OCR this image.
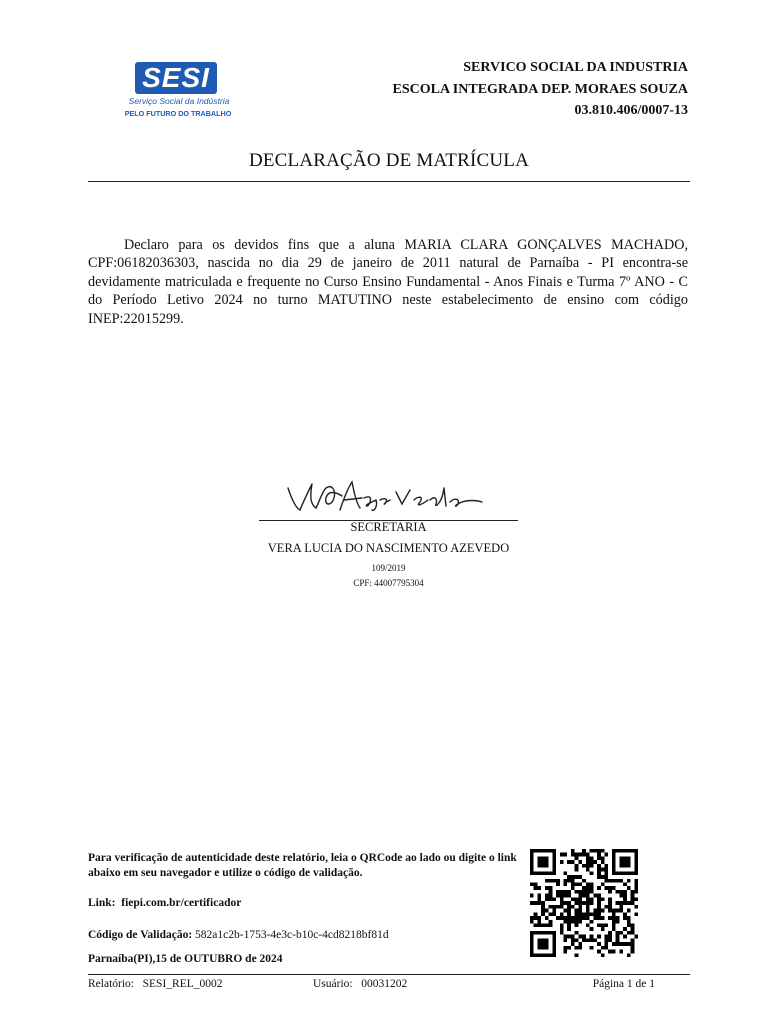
SESI
Serviço Social da Indústria
PELO FUTURO DO TRABALHO
SERVICO SOCIAL DA INDUSTRIA
ESCOLA INTEGRADA DEP. MORAES SOUZA
03.810.406/0007-13
DECLARAÇÃO DE MATRÍCULA
Declaro para os devidos fins que a aluna MARIA CLARA GONÇALVES MACHADO, CPF:06182036303, nascida no dia 29 de janeiro de 2011 natural de Parnaíba - PI encontra-se devidamente matriculada e frequente no Curso Ensino Fundamental - Anos Finais e Turma 7º ANO - C do Período Letivo 2024 no turno MATUTINO neste estabelecimento de ensino com código INEP:22015299.
SECRETARIA
VERA LUCIA DO NASCIMENTO AZEVEDO
109/2019
CPF: 44007795304
Para verificação de autenticidade deste relatório, leia o QRCode ao lado ou digite o link abaixo em seu navegador e utilize o código de validação.
Link: fiepi.com.br/certificador
Código de Validação: 582a1c2b-1753-4e3c-b10c-4cd8218bf81d
Parnaíba(PI),15 de OUTUBRO de 2024
Relatório: SESI_REL_0002	Usuário: 00031202	Página 1 de 1
